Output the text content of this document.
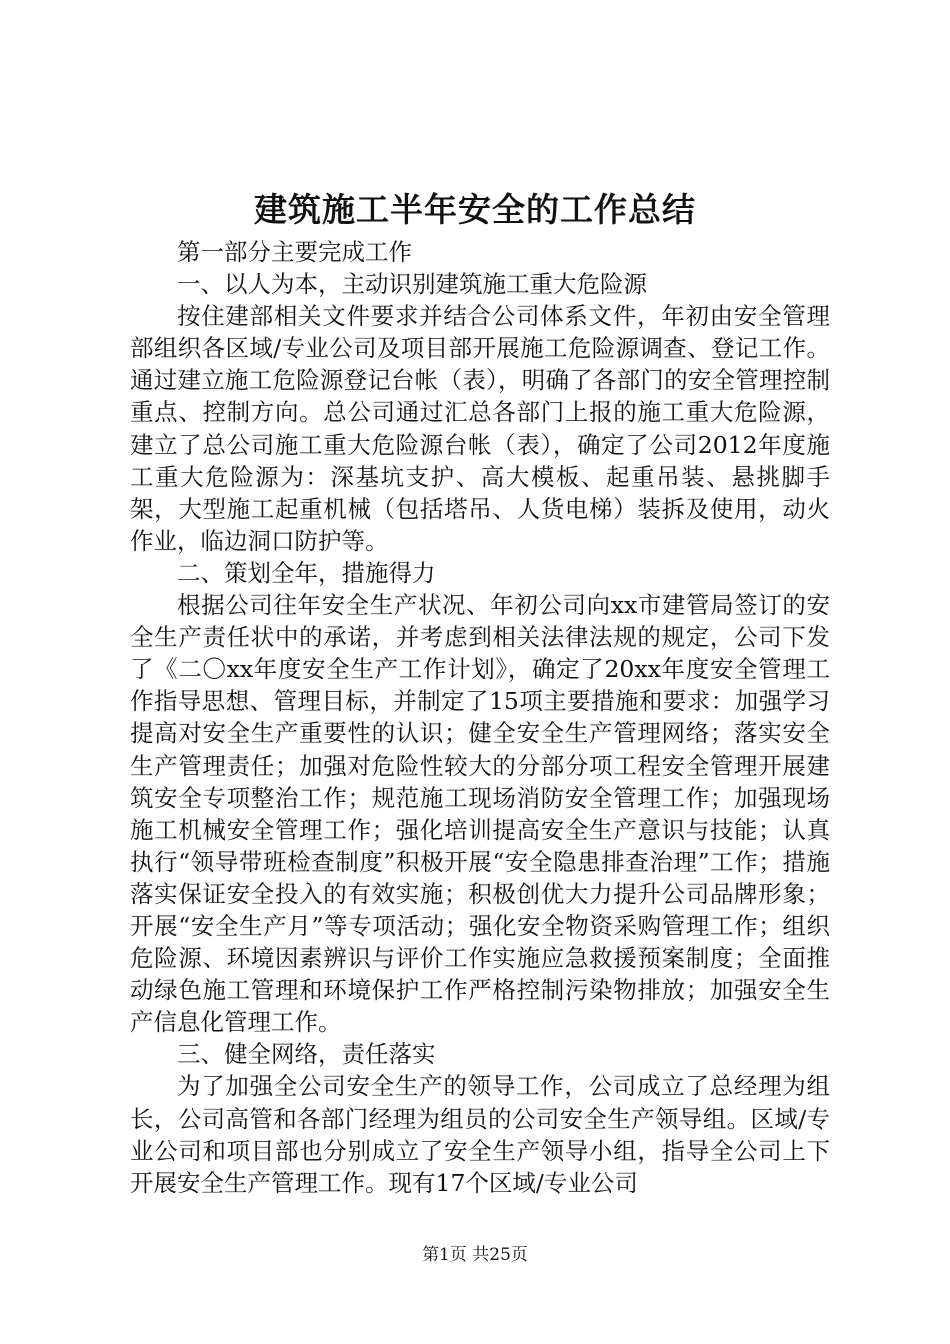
建筑施工半年安全的工作总结

第一部分主要完成工作

一、以人为本，主动识别建筑施工重大危险源

按住建部相关文件要求并结合公司体系文件，年初由安全管理部组织各区域/专业公司及项目部开展施工危险源调查、登记工作。通过建立施工危险源登记台帐（表），明确了各部门的安全管理控制重点、控制方向。总公司通过汇总各部门上报的施工重大危险源，建立了总公司施工重大危险源台帐（表），确定了公司2012年度施工重大危险源为：深基坑支护、高大模板、起重吊装、悬挑脚手架，大型施工起重机械（包括塔吊、人货电梯）装拆及使用，动火作业，临边洞口防护等。

二、策划全年，措施得力

根据公司往年安全生产状况、年初公司向xx市建管局签订的安全生产责任状中的承诺，并考虑到相关法律法规的规定，公司下发了《二〇xx年度安全生产工作计划》，确定了20xx年度安全管理工作指导思想、管理目标，并制定了15项主要措施和要求：加强学习提高对安全生产重要性的认识；健全安全生产管理网络；落实安全生产管理责任；加强对危险性较大的分部分项工程安全管理开展建筑安全专项整治工作；规范施工现场消防安全管理工作；加强现场施工机械安全管理工作；强化培训提高安全生产意识与技能；认真执行“领导带班检查制度”积极开展“安全隐患排查治理”工作；措施落实保证安全投入的有效实施；积极创优大力提升公司品牌形象；开展“安全生产月”等专项活动；强化安全物资采购管理工作；组织危险源、环境因素辨识与评价工作实施应急救援预案制度；全面推动绿色施工管理和环境保护工作严格控制污染物排放；加强安全生产信息化管理工作。

三、健全网络，责任落实

为了加强全公司安全生产的领导工作，公司成立了总经理为组长，公司高管和各部门经理为组员的公司安全生产领导组。区域/专业公司和项目部也分别成立了安全生产领导小组，指导全公司上下开展安全生产管理工作。现有17个区域/专业公司

第1页 共25页
